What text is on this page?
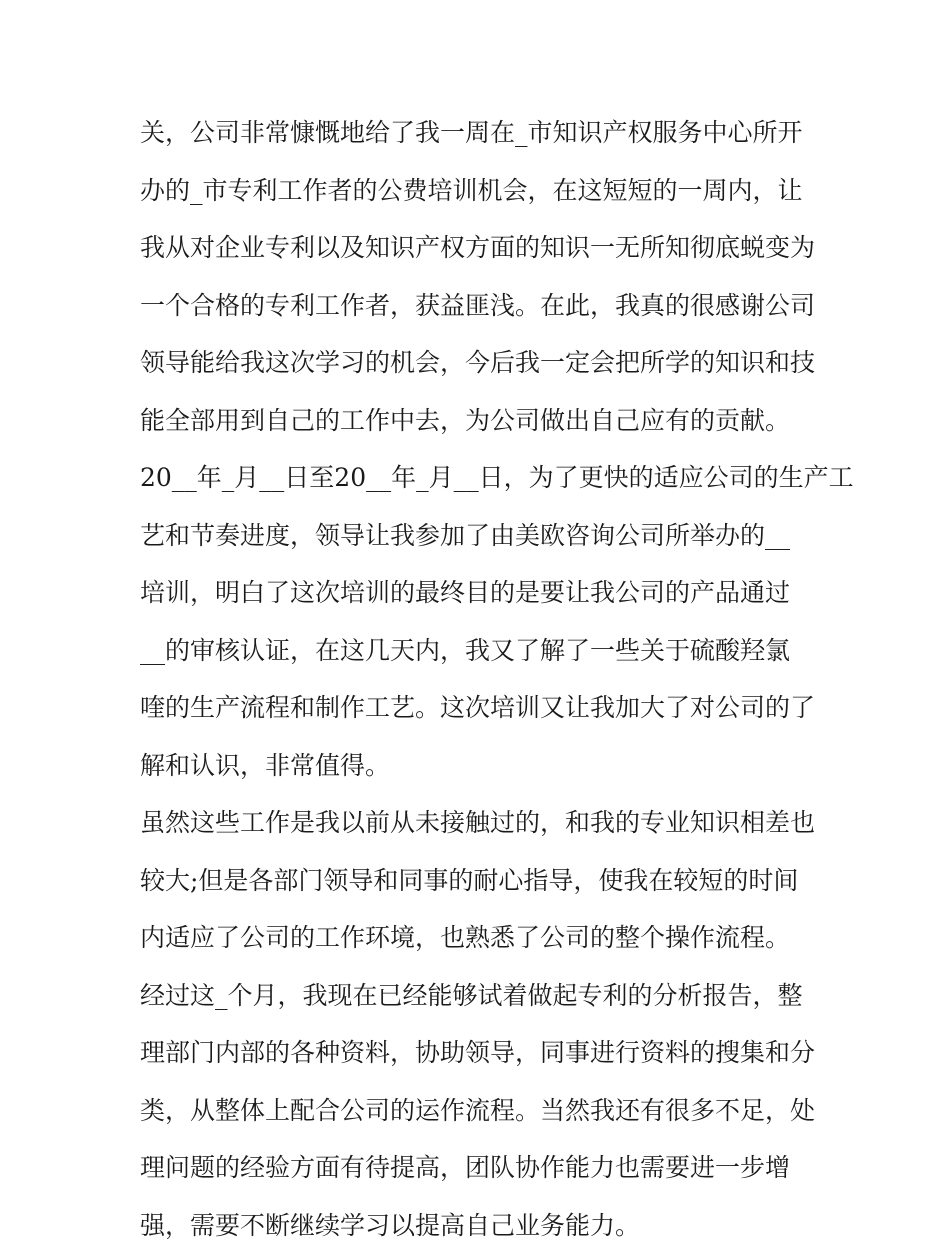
关，公司非常慷慨地给了我一周在_市知识产权服务中心所开
办的_市专利工作者的公费培训机会，在这短短的一周内，让
我从对企业专利以及知识产权方面的知识一无所知彻底蜕变为
一个合格的专利工作者，获益匪浅。在此，我真的很感谢公司
领导能给我这次学习的机会，今后我一定会把所学的知识和技
能全部用到自己的工作中去，为公司做出自己应有的贡献。
20__年_月__日至20__年_月__日，为了更快的适应公司的生产工
艺和节奏进度，领导让我参加了由美欧咨询公司所举办的__
培训，明白了这次培训的最终目的是要让我公司的产品通过
__的审核认证，在这几天内，我又了解了一些关于硫酸羟氯
喹的生产流程和制作工艺。这次培训又让我加大了对公司的了
解和认识，非常值得。
虽然这些工作是我以前从未接触过的，和我的专业知识相差也
较大;但是各部门领导和同事的耐心指导，使我在较短的时间
内适应了公司的工作环境，也熟悉了公司的整个操作流程。
经过这_个月，我现在已经能够试着做起专利的分析报告，整
理部门内部的各种资料，协助领导，同事进行资料的搜集和分
类，从整体上配合公司的运作流程。当然我还有很多不足，处
理问题的经验方面有待提高，团队协作能力也需要进一步增
强，需要不断继续学习以提高自己业务能力。
